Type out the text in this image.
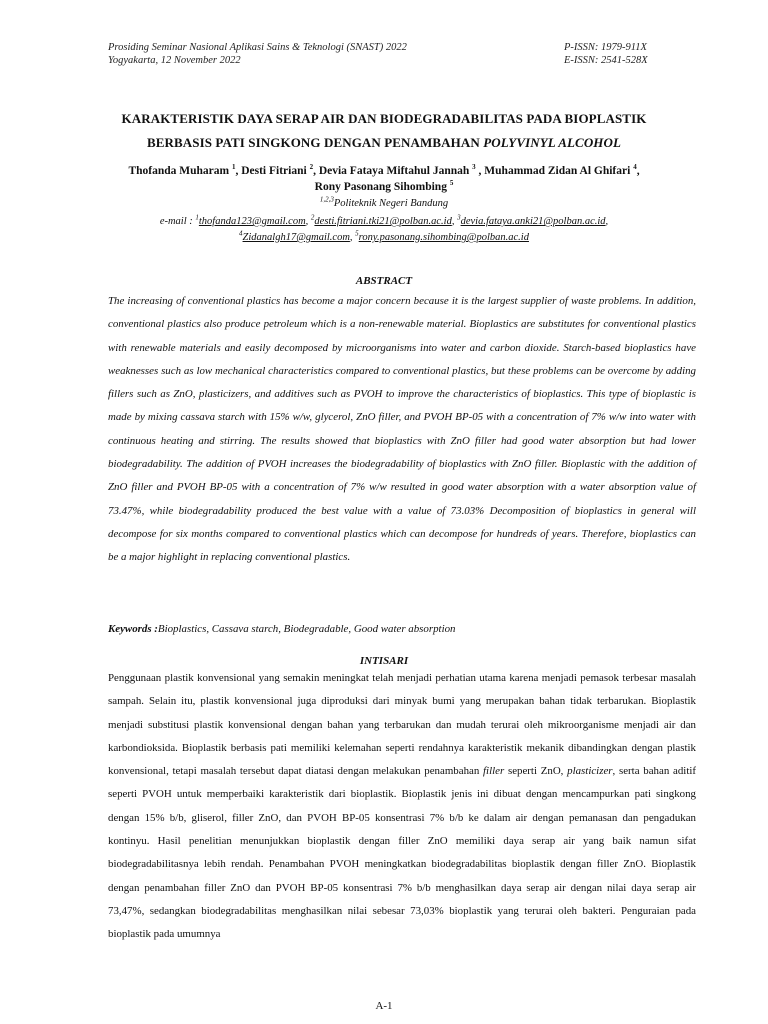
Prosiding Seminar Nasional Aplikasi Sains & Teknologi (SNAST) 2022	P-ISSN: 1979-911X
Yogyakarta, 12 November 2022	E-ISSN: 2541-528X
KARAKTERISTIK DAYA SERAP AIR DAN BIODEGRADABILITAS PADA BIOPLASTIK
BERBASIS PATI SINGKONG DENGAN PENAMBAHAN POLYVINYL ALCOHOL
Thofanda Muharam $^1$, Desti Fitriani $^2$, Devia Fataya Miftahul Jannah $^3$ , Muhammad Zidan Al Ghifari $^4$,
Rony Pasonang Sihombing $^5$
$^{1,2,3}$Politeknik Negeri Bandung
e-mail : $^1$thofanda123@gmail.com, $^2$desti.fitriani.tki21@polban.ac.id, $^3$devia.fataya.anki21@polban.ac.id,
$^4$Zidanalgh17@gmail.com, $^5$rony.pasonang.sihombing@polban.ac.id
ABSTRACT

The increasing of conventional plastics has become a major concern because it is the largest supplier of waste problems. In addition, conventional plastics also produce petroleum which is a non-renewable material. Bioplastics are substitutes for conventional plastics with renewable materials and easily decomposed by microorganisms into water and carbon dioxide. Starch-based bioplastics have weaknesses such as low mechanical characteristics compared to conventional plastics, but these problems can be overcome by adding fillers such as ZnO, plasticizers, and additives such as PVOH to improve the characteristics of bioplastics. This type of bioplastic is made by mixing cassava starch with 15% w/w, glycerol, ZnO filler, and PVOH BP-05 with a concentration of 7% w/w into water with continuous heating and stirring. The results showed that bioplastics with ZnO filler had good water absorption but had lower biodegradability. The addition of PVOH increases the biodegradability of bioplastics with ZnO filler. Bioplastic with the addition of ZnO filler and PVOH BP-05 with a concentration of 7% w/w resulted in good water absorption with a water absorption value of 73.47%, while biodegradability produced the best value with a value of 73.03% Decomposition of bioplastics in general will decompose for six months compared to conventional plastics which can decompose for hundreds of years. Therefore, bioplastics can be a major highlight in replacing conventional plastics.

Keywords :Bioplastics, Cassava starch, Biodegradable, Good water absorption
INTISARI

Penggunaan plastik konvensional yang semakin meningkat telah menjadi perhatian utama karena menjadi pemasok terbesar masalah sampah. Selain itu, plastik konvensional juga diproduksi dari minyak bumi yang merupakan bahan tidak terbarukan. Bioplastik menjadi substitusi plastik konvensional dengan bahan yang terbarukan dan mudah terurai oleh mikroorganisme menjadi air dan karbondioksida. Bioplastik berbasis pati memiliki kelemahan seperti rendahnya karakteristik mekanik dibandingkan dengan plastik konvensional, tetapi masalah tersebut dapat diatasi dengan melakukan penambahan filler seperti ZnO, plasticizer, serta bahan aditif seperti PVOH untuk memperbaiki karakteristik dari bioplastik. Bioplastik jenis ini dibuat dengan mencampurkan pati singkong dengan 15% b/b, gliserol, filler ZnO, dan PVOH BP-05 konsentrasi 7% b/b ke dalam air dengan pemanasan dan pengadukan kontinyu. Hasil penelitian menunjukkan bioplastik dengan filler ZnO memiliki daya serap air yang baik namun sifat biodegradabilitasnya lebih rendah. Penambahan PVOH meningkatkan biodegradabilitas bioplastik dengan filler ZnO. Bioplastik dengan penambahan filler ZnO dan PVOH BP-05 konsentrasi 7% b/b menghasilkan daya serap air dengan nilai daya serap air 73,47%, sedangkan biodegradabilitas menghasilkan nilai sebesar 73,03% bioplastik yang terurai oleh bakteri. Penguraian pada bioplastik pada umumnya

A-1
